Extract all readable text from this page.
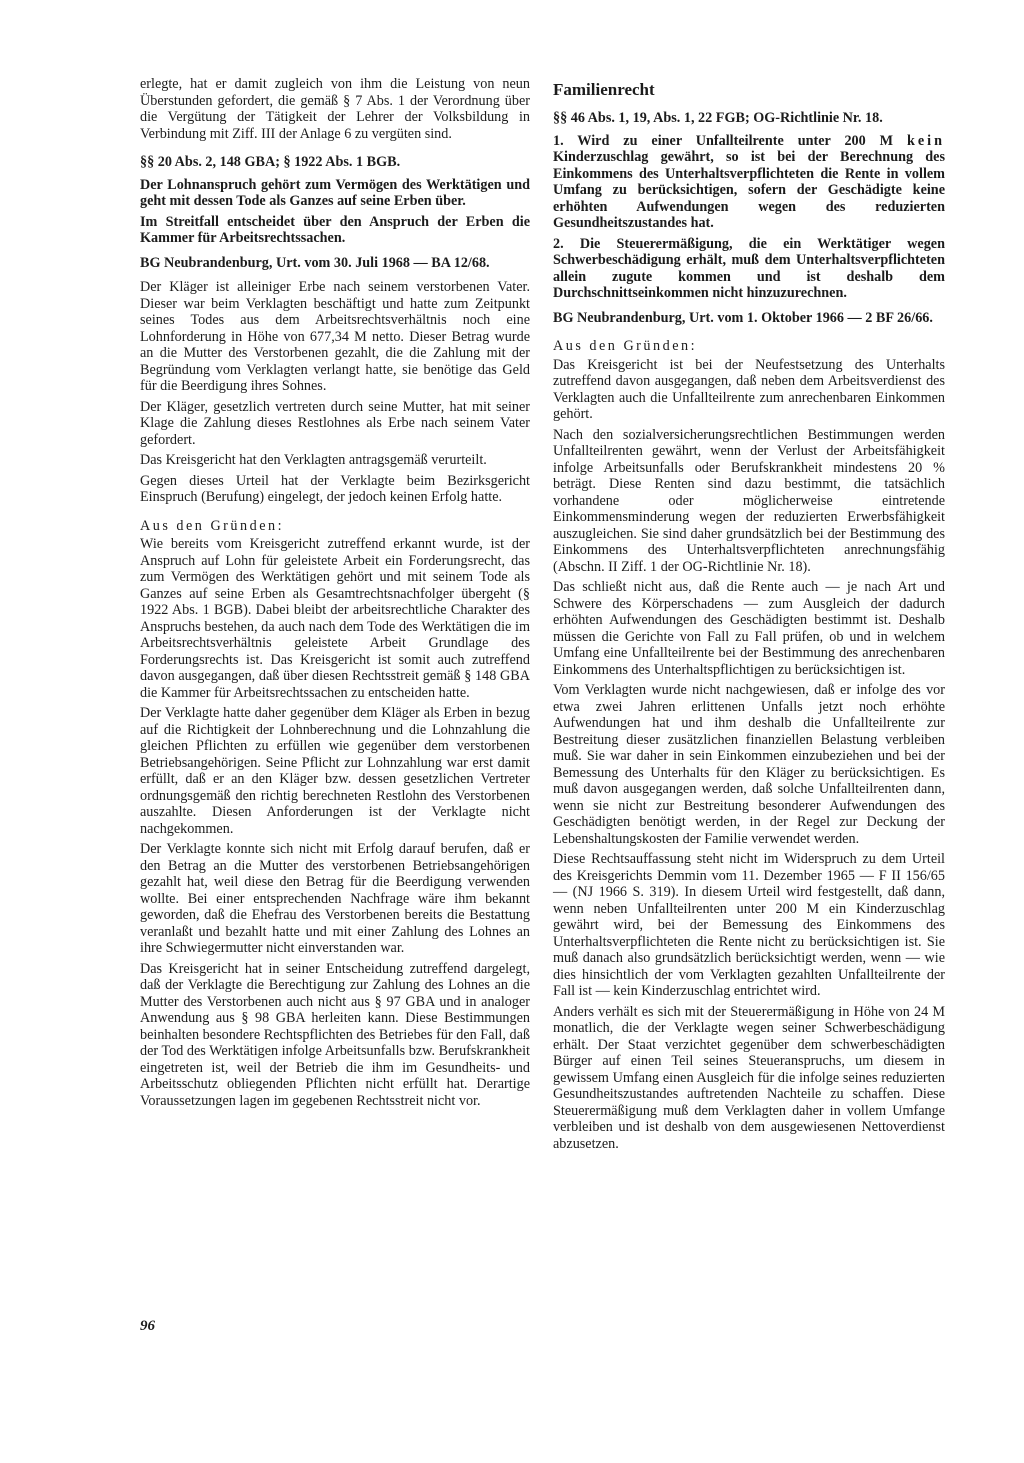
erlegte, hat er damit zugleich von ihm die Leistung von neun Überstunden gefordert, die gemäß § 7 Abs. 1 der Verordnung über die Vergütung der Tätigkeit der Lehrer der Volksbildung in Verbindung mit Ziff. III der Anlage 6 zu vergüten sind.

§§ 20 Abs. 2, 148 GBA; § 1922 Abs. 1 BGB.

Der Lohnanspruch gehört zum Vermögen des Werktätigen und geht mit dessen Tode als Ganzes auf seine Erben über.

Im Streitfall entscheidet über den Anspruch der Erben die Kammer für Arbeitsrechtssachen.

BG Neubrandenburg, Urt. vom 30. Juli 1968 — BA 12/68.

Der Kläger ist alleiniger Erbe nach seinem verstorbenen Vater. Dieser war beim Verklagten beschäftigt und hatte zum Zeitpunkt seines Todes aus dem Arbeitsrechtsverhältnis noch eine Lohnforderung in Höhe von 677,34 M netto. Dieser Betrag wurde an die Mutter des Verstorbenen gezahlt, die die Zahlung mit der Begründung vom Verklagten verlangt hatte, sie benötige das Geld für die Beerdigung ihres Sohnes.

Der Kläger, gesetzlich vertreten durch seine Mutter, hat mit seiner Klage die Zahlung dieses Restlohnes als Erbe nach seinem Vater gefordert.

Das Kreisgericht hat den Verklagten antragsgemäß verurteilt.

Gegen dieses Urteil hat der Verklagte beim Bezirksgericht Einspruch (Berufung) eingelegt, der jedoch keinen Erfolg hatte.

Aus den Gründen:

Wie bereits vom Kreisgericht zutreffend erkannt wurde, ist der Anspruch auf Lohn für geleistete Arbeit ein Forderungsrecht, das zum Vermögen des Werktätigen gehört und mit seinem Tode als Ganzes auf seine Erben als Gesamtrechtsnachfolger übergeht (§ 1922 Abs. 1 BGB). Dabei bleibt der arbeitsrechtliche Charakter des Anspruchs bestehen, da auch nach dem Tode des Werktätigen die im Arbeitsrechtsverhältnis geleistete Arbeit Grundlage des Forderungsrechts ist. Das Kreisgericht ist somit auch zutreffend davon ausgegangen, daß über diesen Rechtsstreit gemäß § 148 GBA die Kammer für Arbeitsrechtssachen zu entscheiden hatte.

Der Verklagte hatte daher gegenüber dem Kläger als Erben in bezug auf die Richtigkeit der Lohnberechnung und die Lohnzahlung die gleichen Pflichten zu erfüllen wie gegenüber dem verstorbenen Betriebsangehörigen. Seine Pflicht zur Lohnzahlung war erst damit erfüllt, daß er an den Kläger bzw. dessen gesetzlichen Vertreter ordnungsgemäß den richtig berechneten Restlohn des Verstorbenen auszahlte. Diesen Anforderungen ist der Verklagte nicht nachgekommen.

Der Verklagte konnte sich nicht mit Erfolg darauf berufen, daß er den Betrag an die Mutter des verstorbenen Betriebsangehörigen gezahlt hat, weil diese den Betrag für die Beerdigung verwenden wollte. Bei einer entsprechenden Nachfrage wäre ihm bekannt geworden, daß die Ehefrau des Verstorbenen bereits die Bestattung veranlaßt und bezahlt hatte und mit einer Zahlung des Lohnes an ihre Schwiegermutter nicht einverstanden war.

Das Kreisgericht hat in seiner Entscheidung zutreffend dargelegt, daß der Verklagte die Berechtigung zur Zahlung des Lohnes an die Mutter des Verstorbenen auch nicht aus § 97 GBA und in analoger Anwendung aus § 98 GBA herleiten kann. Diese Bestimmungen beinhalten besondere Rechtspflichten des Betriebes für den Fall, daß der Tod des Werktätigen infolge Arbeitsunfalls bzw. Berufskrankheit eingetreten ist, weil der Betrieb die ihm im Gesundheits- und Arbeitsschutz obliegenden Pflichten nicht erfüllt hat. Derartige Voraussetzungen lagen im gegebenen Rechtsstreit nicht vor.

Familienrecht
§§ 46 Abs. 1, 19, Abs. 1, 22 FGB; OG-Richtlinie Nr. 18.

1. Wird zu einer Unfallteilrente unter 200 M kein Kinderzuschlag gewährt, so ist bei der Berechnung des Einkommens des Unterhaltsverpflichteten die Rente in vollem Umfang zu berücksichtigen, sofern der Geschädigte keine erhöhten Aufwendungen wegen des reduzierten Gesundheitszustandes hat.

2. Die Steuerermäßigung, die ein Werktätiger wegen Schwerbeschädigung erhält, muß dem Unterhaltsverpflichteten allein zugute kommen und ist deshalb dem Durchschnittseinkommen nicht hinzuzurechnen.

BG Neubrandenburg, Urt. vom 1. Oktober 1966 — 2 BF 26/66.
Aus den Gründen:

Das Kreisgericht ist bei der Neufestsetzung des Unterhalts zutreffend davon ausgegangen, daß neben dem Arbeitsverdienst des Verklagten auch die Unfallteilrente zum anrechenbaren Einkommen gehört.

Nach den sozialversicherungsrechtlichen Bestimmungen werden Unfallteilrenten gewährt, wenn der Verlust der Arbeitsfähigkeit infolge Arbeitsunfalls oder Berufskrankheit mindestens 20 % beträgt. Diese Renten sind dazu bestimmt, die tatsächlich vorhandene oder möglicherweise eintretende Einkommensminderung wegen der reduzierten Erwerbsfähigkeit auszugleichen. Sie sind daher grundsätzlich bei der Bestimmung des Einkommens des Unterhaltsverpflichteten anrechnungsfähig (Abschn. II Ziff. 1 der OG-Richtlinie Nr. 18).

Das schließt nicht aus, daß die Rente auch — je nach Art und Schwere des Körperschadens — zum Ausgleich der dadurch erhöhten Aufwendungen des Geschädigten bestimmt ist. Deshalb müssen die Gerichte von Fall zu Fall prüfen, ob und in welchem Umfang eine Unfallteilrente bei der Bestimmung des anrechenbaren Einkommens des Unterhaltspflichtigen zu berücksichtigen ist.

Vom Verklagten wurde nicht nachgewiesen, daß er infolge des vor etwa zwei Jahren erlittenen Unfalls jetzt noch erhöhte Aufwendungen hat und ihm deshalb die Unfallteilrente zur Bestreitung dieser zusätzlichen finanziellen Belastung verbleiben muß. Sie war daher in sein Einkommen einzubeziehen und bei der Bemessung des Unterhalts für den Kläger zu berücksichtigen. Es muß davon ausgegangen werden, daß solche Unfallteilrenten dann, wenn sie nicht zur Bestreitung besonderer Aufwendungen des Geschädigten benötigt werden, in der Regel zur Deckung der Lebenshaltungskosten der Familie verwendet werden.

Diese Rechtsauffassung steht nicht im Widerspruch zu dem Urteil des Kreisgerichts Demmin vom 11. Dezember 1965 — F II 156/65 — (NJ 1966 S. 319). In diesem Urteil wird festgestellt, daß dann, wenn neben Unfallteilrenten unter 200 M ein Kinderzuschlag gewährt wird, bei der Bemessung des Einkommens des Unterhaltsverpflichteten die Rente nicht zu berücksichtigen ist. Sie muß danach also grundsätzlich berücksichtigt werden, wenn — wie dies hinsichtlich der vom Verklagten gezahlten Unfallteilrente der Fall ist — kein Kinderzuschlag entrichtet wird.

Anders verhält es sich mit der Steuerermäßigung in Höhe von 24 M monatlich, die der Verklagte wegen seiner Schwerbeschädigung erhält. Der Staat verzichtet gegenüber dem schwerbeschädigten Bürger auf einen Teil seines Steueranspruchs, um diesem in gewissem Umfang einen Ausgleich für die infolge seines reduzierten Gesundheitszustandes auftretenden Nachteile zu schaffen. Diese Steuerermäßigung muß dem Verklagten daher in vollem Umfange verbleiben und ist deshalb von dem ausgewiesenen Nettoverdienst abzusetzen.

96
